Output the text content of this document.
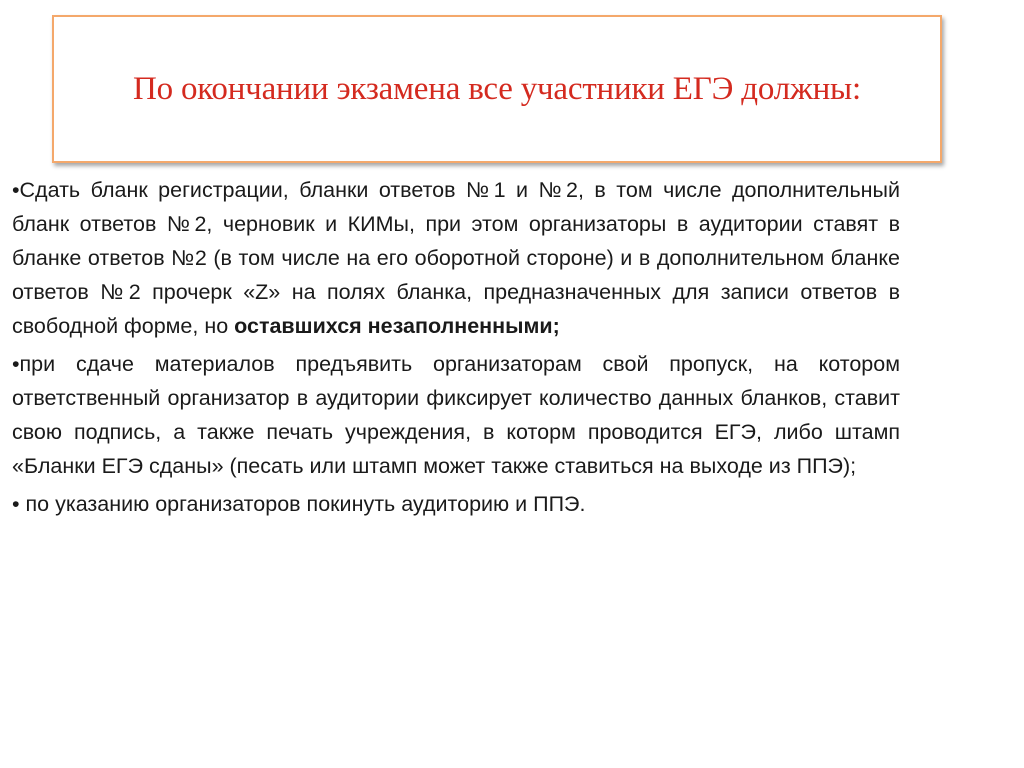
По окончании экзамена все участники ЕГЭ должны:

•Сдать бланк регистрации, бланки ответов №1 и №2, в том числе дополнительный бланк ответов №2, черновик и КИМы, при этом организаторы в аудитории ставят в бланке ответов №2 (в том числе на его оборотной стороне) и в дополнительном бланке ответов №2 прочерк «Z» на полях бланка, предназначенных для записи ответов в свободной форме, но оставшихся незаполненными;

•при сдаче материалов предъявить организаторам свой пропуск, на котором ответственный организатор в аудитории фиксирует количество данных бланков, ставит свою подпись, а также печать учреждения, в которм проводится ЕГЭ, либо штамп «Бланки ЕГЭ сданы» (песать или штамп может также ставиться на выходе из ППЭ);

• по указанию организаторов покинуть аудиторию и ППЭ.
